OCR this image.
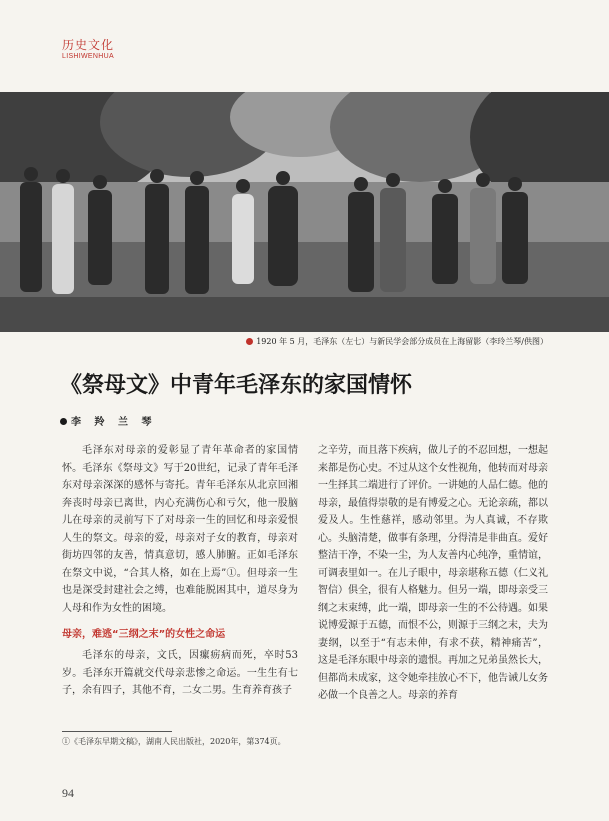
历史文化
LISHIWENHUA
1920 年 5 月，毛泽东（左七）与新民学会部分成员在上海留影（李玲兰琴/供图）
《祭母文》中青年毛泽东的家国情怀
李 羚 兰 琴

毛泽东对母亲的爱彰显了青年革命者的家国情怀。毛泽东《祭母文》写于20世纪，记录了青年毛泽东对母亲深深的感怀与寄托。青年毛泽东从北京回湘奔丧时母亲已离世，内心充满伤心和亏欠，他一股脑儿在母亲的灵前写下了对母亲一生的回忆和母亲爱恨人生的祭文。母亲的爱，母亲对子女的教育，母亲对街坊四邻的友善，情真意切，感人肺腑。正如毛泽东在祭文中说，“合其人格，如在上焉”①。但母亲一生也是深受封建社会之缚，也难能脱困其中，道尽身为人母和作为女性的困境。

母亲，难逃“三纲之末”的女性之命运

毛泽东的母亲，文氏，因瘰疬病而死，卒时53岁。毛泽东开篇就交代母亲悲惨之命运。一生生有七子，余有四子，其他不育，二女二男。生育养育孩子

之辛劳，而且落下疾病，做儿子的不忍回想，一想起来都是伤心史。不过从这个女性视角，他转而对母亲一生择其二端进行了评价。一讲她的人品仁德。他的母亲，最值得崇敬的是有博爱之心。无论亲疏，都以爱及人。生性慈祥，感动邻里。为人真诚，不存欺心。头脑清楚，做事有条理，分得清是非曲直。爱好整洁干净，不染一尘，为人友善内心纯净，重情谊，可调表里如一。在儿子眼中，母亲堪称五德（仁义礼智信）俱全，很有人格魅力。但另一端，即母亲受三纲之末束缚，此一端，即母亲一生的不公待遇。如果说博爱源于五德，而恨不公，则源于三纲之末，夫为妻纲，以至于“有志未伸，有求不获，精神痛苦”，这是毛泽东眼中母亲的遗恨。再加之兄弟虽然长大，但都尚未成家，这令她牵挂放心不下，他告诫儿女务必做一个良善之人。母亲的养育

①《毛泽东早期文稿》，湖南人民出版社，2020年，第374页。
94
